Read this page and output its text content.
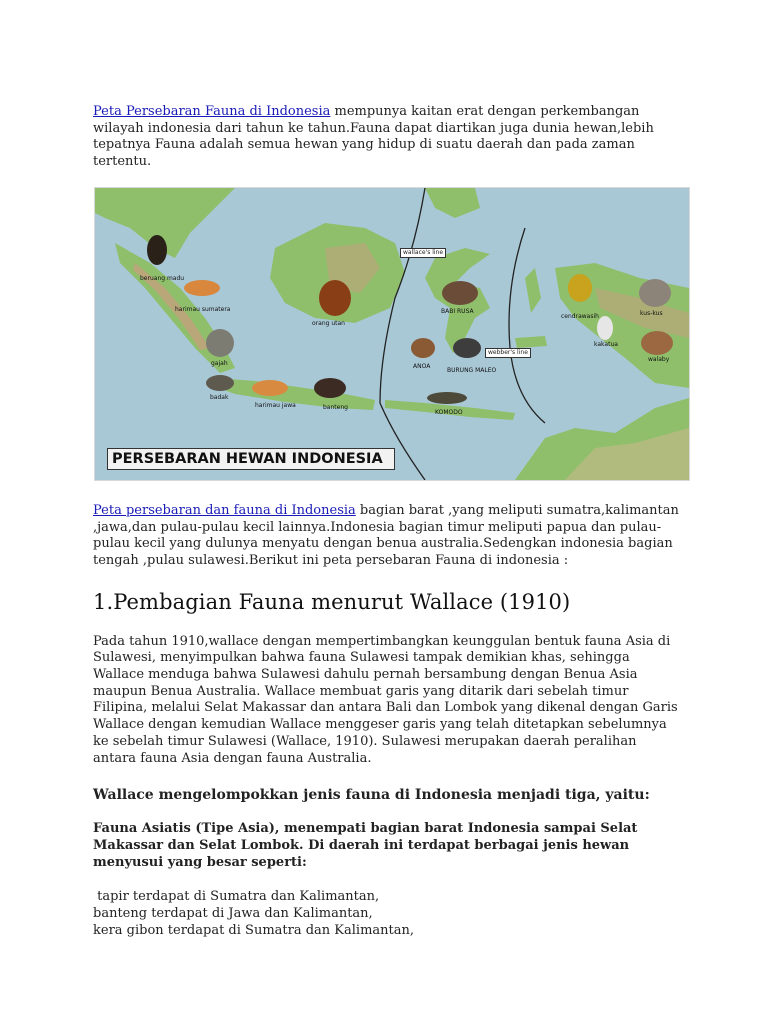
Peta Persebaran Fauna di Indonesia mempunya kaitan erat dengan perkembangan wilayah indonesia dari tahun ke tahun.Fauna dapat diartikan juga dunia hewan,lebih tepatnya Fauna adalah semua hewan yang hidup di suatu daerah dan pada zaman tertentu.

wallace's line
webber's line
beruang madu
harimau sumatera
gajah
badak
harimau jawa	banteng
orang utan
BABI RUSA
ANOA
BURUNG MALEO
KOMODO
cendrawasih
kakatua
kus-kus
walaby
PERSEBARAN HEWAN INDONESIA

Peta persebaran dan fauna di Indonesia bagian barat ,yang meliputi sumatra,kalimantan ,jawa,dan pulau-pulau kecil lainnya.Indonesia bagian timur meliputi papua dan pulau-pulau kecil yang dulunya menyatu dengan benua australia.Sedengkan indonesia bagian tengah ,pulau sulawesi.Berikut ini peta persebaran Fauna di indonesia :

1.Pembagian Fauna menurut Wallace (1910)

Pada tahun 1910,wallace dengan mempertimbangkan keunggulan bentuk fauna Asia di Sulawesi, menyimpulkan bahwa fauna Sulawesi tampak demikian khas, sehingga Wallace menduga bahwa Sulawesi dahulu pernah bersambung dengan Benua Asia maupun Benua Australia. Wallace membuat garis yang ditarik dari sebelah timur Filipina, melalui Selat Makassar dan antara Bali dan Lombok yang dikenal dengan Garis Wallace dengan kemudian Wallace menggeser garis yang telah ditetapkan sebelumnya ke sebelah timur Sulawesi (Wallace, 1910). Sulawesi merupakan daerah peralihan antara fauna Asia dengan fauna Australia.

Wallace mengelompokkan jenis fauna di Indonesia menjadi tiga, yaitu:

Fauna Asiatis (Tipe Asia), menempati bagian barat Indonesia sampai Selat Makassar dan Selat Lombok. Di daerah ini terdapat berbagai jenis hewan menyusui yang besar seperti:

tapir terdapat di Sumatra dan Kalimantan,

banteng terdapat di Jawa dan Kalimantan,

kera gibon terdapat di Sumatra dan Kalimantan,
